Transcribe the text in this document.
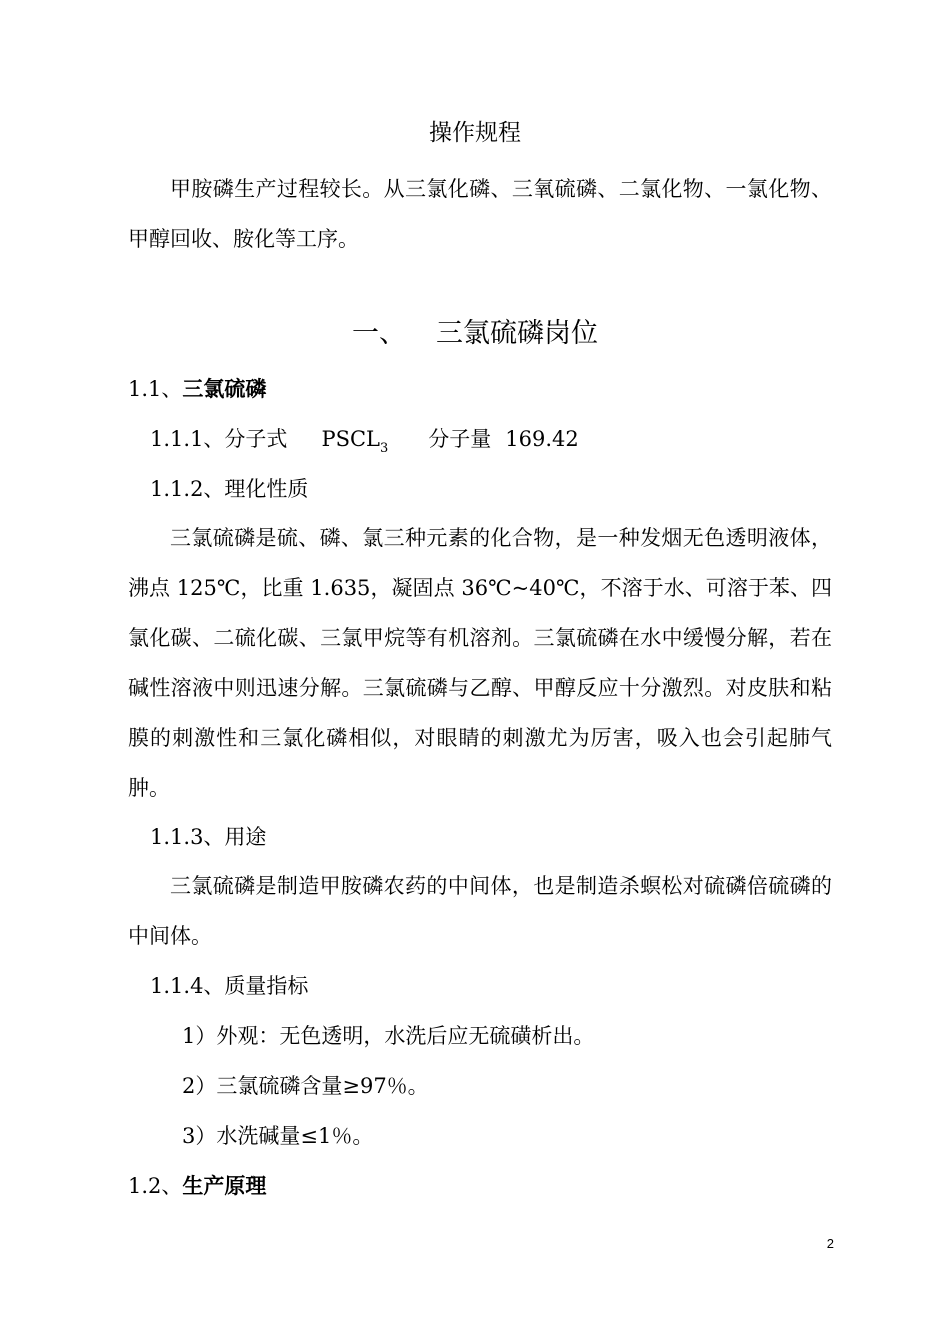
操作规程
甲胺磷生产过程较长。从三氯化磷、三氧硫磷、二氯化物、一氯化物、甲醇回收、胺化等工序。
一、 三氯硫磷岗位
1.1、三氯硫磷
1.1.1、分子式 $PSCL_3$ 分子量 169.42
1.1.2、理化性质
三氯硫磷是硫、磷、氯三种元素的化合物，是一种发烟无色透明液体，沸点 125℃，比重 1.635，凝固点 36℃~40℃，不溶于水、可溶于苯、四氯化碳、二硫化碳、三氯甲烷等有机溶剂。三氯硫磷在水中缓慢分解，若在碱性溶液中则迅速分解。三氯硫磷与乙醇、甲醇反应十分激烈。对皮肤和粘膜的刺激性和三氯化磷相似，对眼睛的刺激尤为厉害，吸入也会引起肺气肿。
1.1.3、用途
三氯硫磷是制造甲胺磷农药的中间体，也是制造杀螟松对硫磷倍硫磷的中间体。
1.1.4、质量指标
1）外观：无色透明，水洗后应无硫磺析出。
2）三氯硫磷含量≥97％。
3）水洗碱量≤1％。
1.2、生产原理
2
